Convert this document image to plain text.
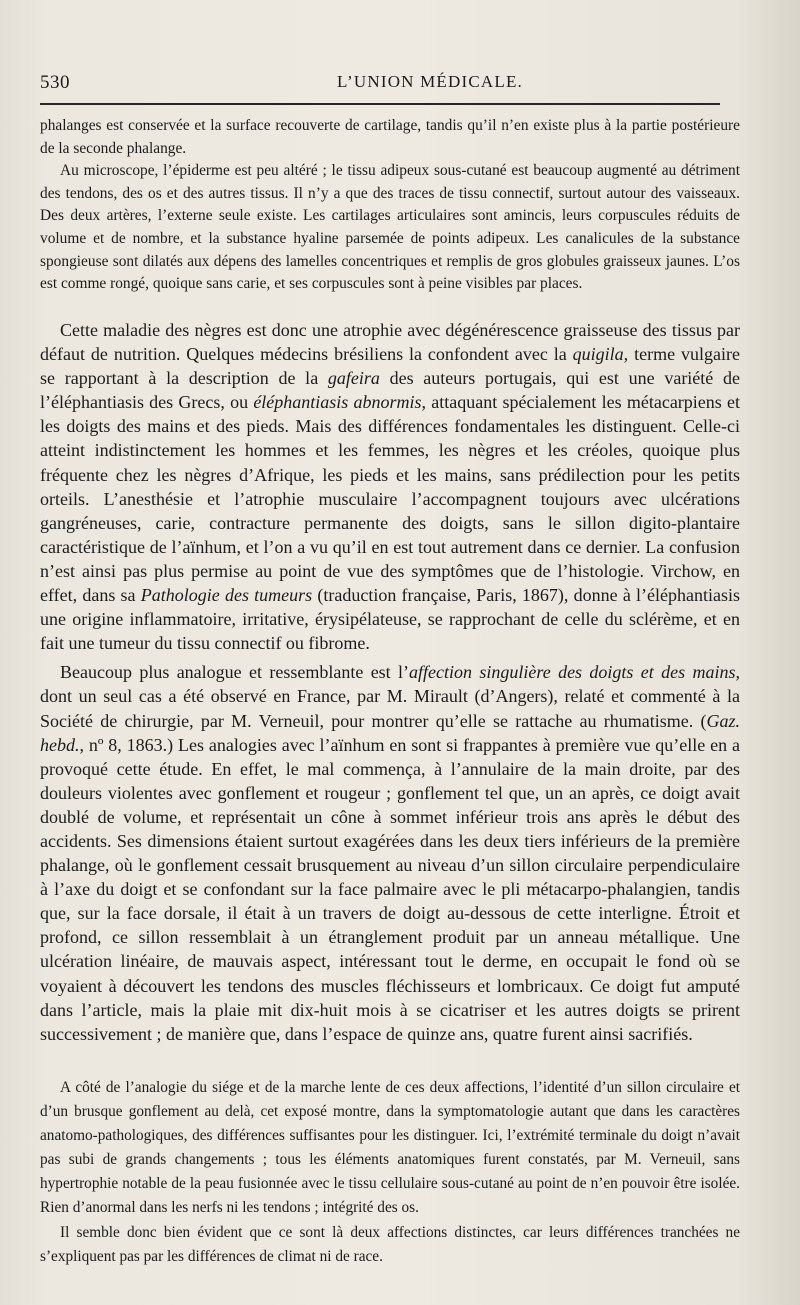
530	L’UNION MÉDICALE.

phalanges est conservée et la surface recouverte de cartilage, tandis qu’il n’en existe plus à la partie postérieure de la seconde phalange.

Au microscope, l’épiderme est peu altéré ; le tissu adipeux sous-cutané est beaucoup augmenté au détriment des tendons, des os et des autres tissus. Il n’y a que des traces de tissu connectif, surtout autour des vaisseaux. Des deux artères, l’externe seule existe. Les cartilages articulaires sont amincis, leurs corpuscules réduits de volume et de nombre, et la substance hyaline parsemée de points adipeux. Les canalicules de la substance spongieuse sont dilatés aux dépens des lamelles concentriques et remplis de gros globules graisseux jaunes. L’os est comme rongé, quoique sans carie, et ses corpuscules sont à peine visibles par places.

Cette maladie des nègres est donc une atrophie avec dégénérescence graisseuse des tissus par défaut de nutrition. Quelques médecins brésiliens la confondent avec la quigila, terme vulgaire se rapportant à la description de la gafeira des auteurs portugais, qui est une variété de l’éléphantiasis des Grecs, ou éléphantiasis abnormis, attaquant spécialement les métacarpiens et les doigts des mains et des pieds. Mais des différences fondamentales les distinguent. Celle-ci atteint indistinctement les hommes et les femmes, les nègres et les créoles, quoique plus fréquente chez les nègres d’Afrique, les pieds et les mains, sans prédilection pour les petits orteils. L’anesthésie et l’atrophie musculaire l’accompagnent toujours avec ulcérations gangréneuses, carie, contracture permanente des doigts, sans le sillon digito-plantaire caractéristique de l’aïnhum, et l’on a vu qu’il en est tout autrement dans ce dernier. La confusion n’est ainsi pas plus permise au point de vue des symptômes que de l’histologie. Virchow, en effet, dans sa Pathologie des tumeurs (traduction française, Paris, 1867), donne à l’éléphantiasis une origine inflammatoire, irritative, érysipélateuse, se rapprochant de celle du sclérème, et en fait une tumeur du tissu connectif ou fibrome.

Beaucoup plus analogue et ressemblante est l’affection singulière des doigts et des mains, dont un seul cas a été observé en France, par M. Mirault (d’Angers), relaté et commenté à la Société de chirurgie, par M. Verneuil, pour montrer qu’elle se rattache au rhumatisme. (Gaz. hebd., nº 8, 1863.) Les analogies avec l’aïnhum en sont si frappantes à première vue qu’elle en a provoqué cette étude. En effet, le mal commença, à l’annulaire de la main droite, par des douleurs violentes avec gonflement et rougeur ; gonflement tel que, un an après, ce doigt avait doublé de volume, et représentait un cône à sommet inférieur trois ans après le début des accidents. Ses dimensions étaient surtout exagérées dans les deux tiers inférieurs de la première phalange, où le gonflement cessait brusquement au niveau d’un sillon circulaire perpendiculaire à l’axe du doigt et se confondant sur la face palmaire avec le pli métacarpo-phalangien, tandis que, sur la face dorsale, il était à un travers de doigt au-dessous de cette interligne. Étroit et profond, ce sillon ressemblait à un étranglement produit par un anneau métallique. Une ulcération linéaire, de mauvais aspect, intéressant tout le derme, en occupait le fond où se voyaient à découvert les tendons des muscles fléchisseurs et lombricaux. Ce doigt fut amputé dans l’article, mais la plaie mit dix-huit mois à se cicatriser et les autres doigts se prirent successivement ; de manière que, dans l’espace de quinze ans, quatre furent ainsi sacrifiés.

A côté de l’analogie du siége et de la marche lente de ces deux affections, l’identité d’un sillon circulaire et d’un brusque gonflement au delà, cet exposé montre, dans la symptomatologie autant que dans les caractères anatomo-pathologiques, des différences suffisantes pour les distinguer. Ici, l’extrémité terminale du doigt n’avait pas subi de grands changements ; tous les éléments anatomiques furent constatés, par M. Verneuil, sans hypertrophie notable de la peau fusionnée avec le tissu cellulaire sous-cutané au point de n’en pouvoir être isolée. Rien d’anormal dans les nerfs ni les tendons ; intégrité des os.

Il semble donc bien évident que ce sont là deux affections distinctes, car leurs différences tranchées ne s’expliquent pas par les différences de climat ni de race.
